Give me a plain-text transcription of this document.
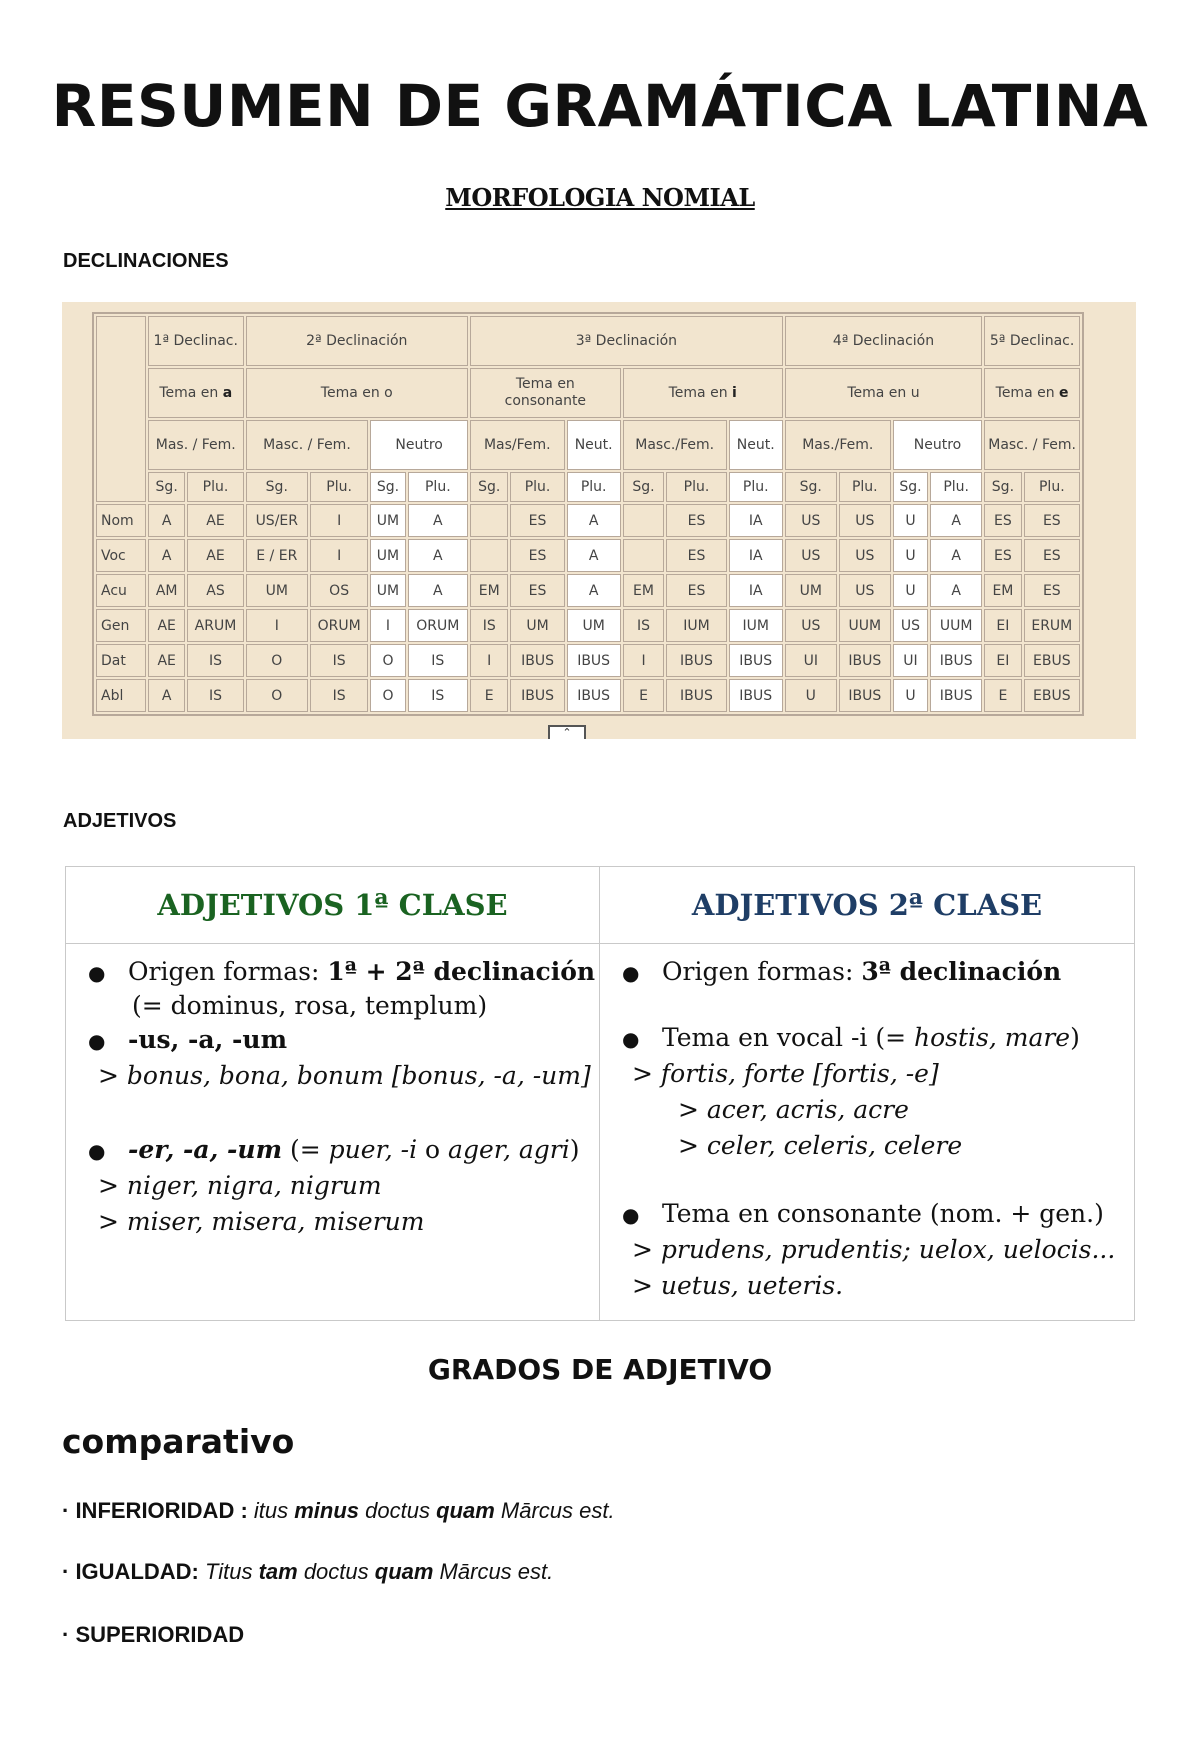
RESUMEN DE GRAMÁTICA LATINA
MORFOLOGIA NOMIAL

DECLINACIONES

	1ª Declinac.		2ª Declinación				3ª Declinación						4ª Declinación				5ª Declinac.	
	Tema en a		Tema en o				Tema en consonante			Tema en i			Tema en u				Tema en e	
	Mas. / Fem.		Masc. / Fem.		Neutro		Mas/Fem.		Neut.	Masc./Fem.		Neut.	Mas./Fem.		Neutro		Masc. / Fem.	
	Sg.	Plu.	Sg.	Plu.	Sg.	Plu.	Sg.	Plu.	Plu.	Sg.	Plu.	Plu.	Sg.	Plu.	Sg.	Plu.	Sg.	Plu.
Nom	A	AE	US/ER	I	UM	A		ES	A		ES	IA	US	US	U	A	ES	ES
Voc	A	AE	E / ER	I	UM	A		ES	A		ES	IA	US	US	U	A	ES	ES
Acu	AM	AS	UM	OS	UM	A	EM	ES	A	EM	ES	IA	UM	US	U	A	EM	ES
Gen	AE	ARUM	I	ORUM	I	ORUM	IS	UM	UM	IS	IUM	IUM	US	UUM	US	UUM	EI	ERUM
Dat	AE	IS	O	IS	O	IS	I	IBUS	IBUS	I	IBUS	IBUS	UI	IBUS	UI	IBUS	EI	EBUS
Abl	A	IS	O	IS	O	IS	E	IBUS	IBUS	E	IBUS	IBUS	U	IBUS	U	IBUS	E	EBUS
⌃

ADJETIVOS

ADJETIVOS 1ª CLASE	ADJETIVOS 2ª CLASE
● Origen formas: 1ª + 2ª declinación
(= dominus, rosa, templum)
● -us, -a, -um
> bonus, bona, bonum [bonus, -a, -um]
● -er, -a, -um (= puer, -i o ager, agri)
> niger, nigra, nigrum
> miser, misera, miserum
● Origen formas: 3ª declinación
● Tema en vocal -i (= hostis, mare)
> fortis, forte [fortis, -e]
> acer, acris, acre
> celer, celeris, celere
● Tema en consonante (nom. + gen.)
> prudens, prudentis; uelox, uelocis...
> uetus, ueteris.
GRADOS DE ADJETIVO
comparativo

· INFERIORIDAD : itus minus doctus quam Mārcus est.

· IGUALDAD: Titus tam doctus quam Mārcus est.

· SUPERIORIDAD
